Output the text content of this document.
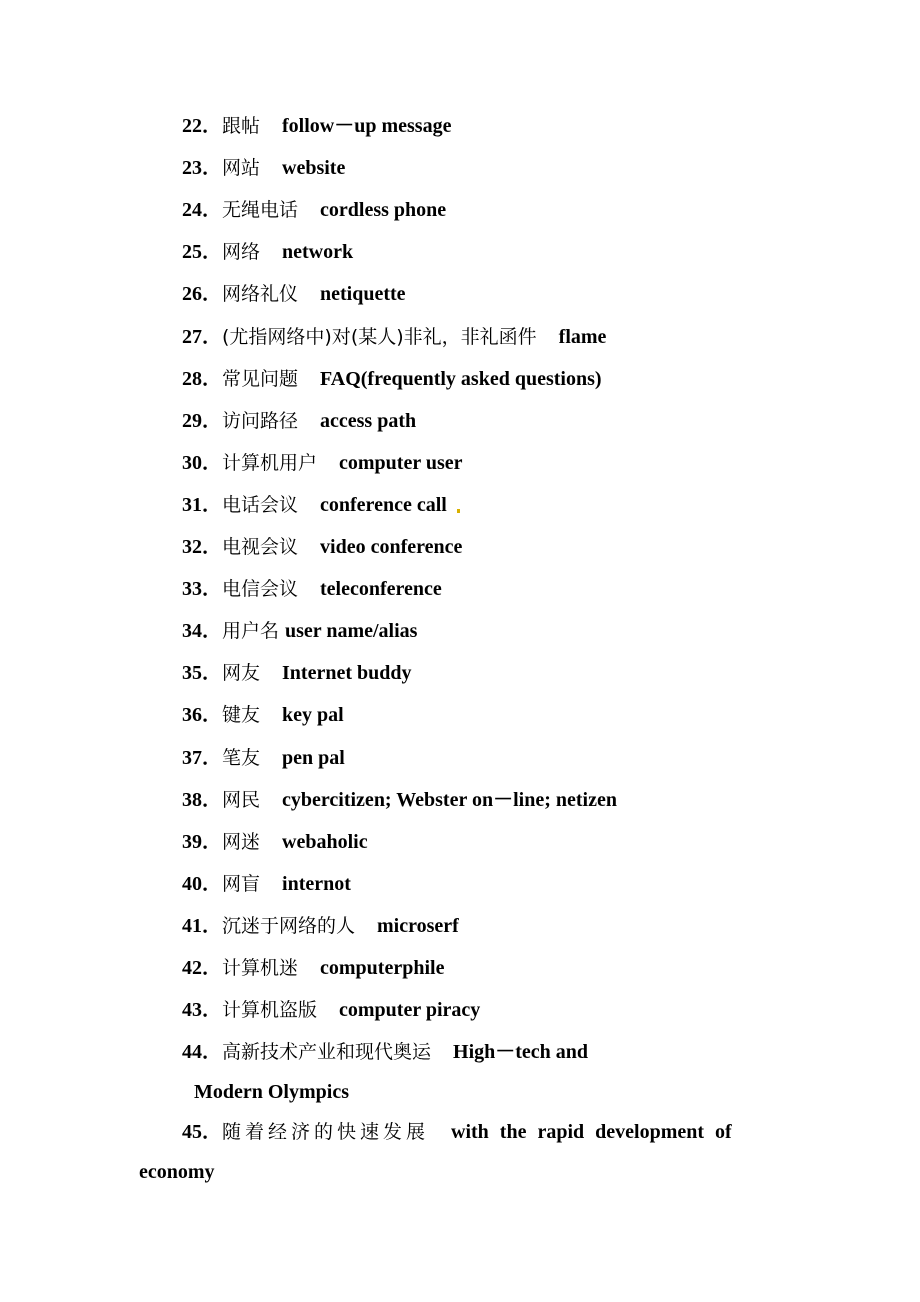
22．跟帖 follow－up message
23．网站 website
24．无绳电话 cordless phone
25．网络 network
26．网络礼仪 netiquette
27．(尤指网络中)对(某人)非礼，非礼函件 flame
28．常见问题 FAQ(frequently asked questions)
29．访问路径 access path
30．计算机用户 computer user
31．电话会议 conference call
32．电视会议 video conference
33．电信会议 teleconference
34．用户名 user name/alias
35．网友 Internet buddy
36．键友 key pal
37．笔友 pen pal
38．网民 cybercitizen; Webster on－line; netizen
39．网迷 webaholic
40．网盲 internot
41．沉迷于网络的人 microserf
42．计算机迷 computerphile
43．计算机盗版 computer piracy
44．高新技术产业和现代奥运 High－tech and
Modern Olympics
45．随着经济的快速发展 with the rapid development of
economy
